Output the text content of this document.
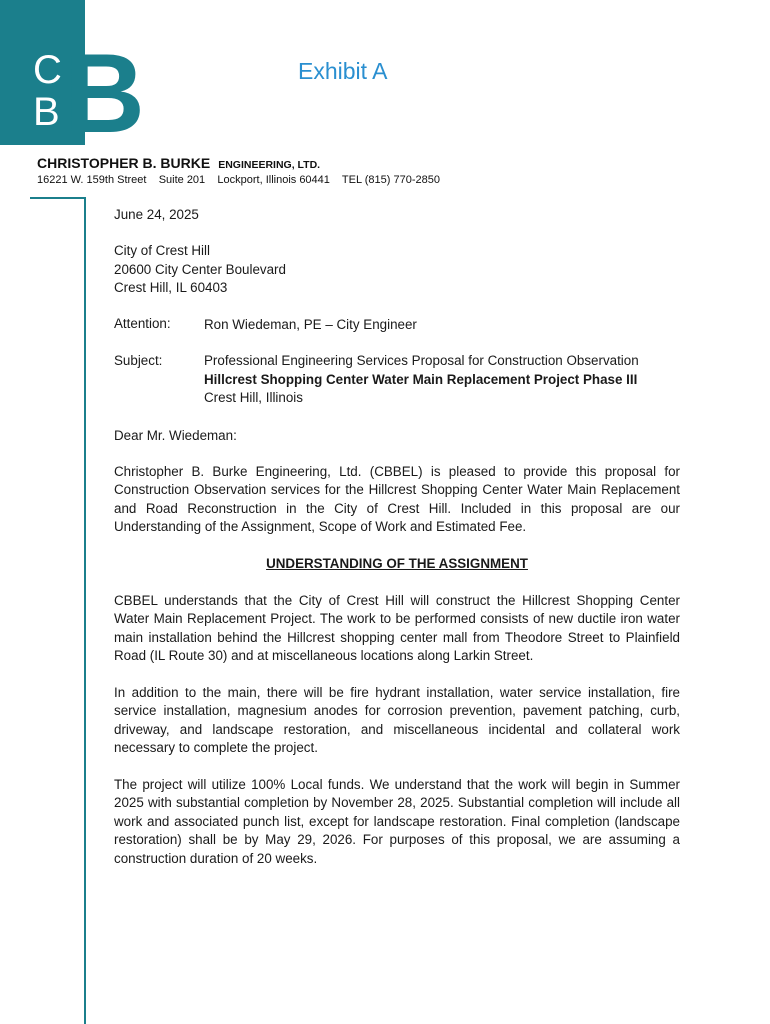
C
B B	Exhibit A
CHRISTOPHER B. BURKE ENGINEERING, LTD.
16221 W. 159th Street    Suite 201    Lockport, Illinois 60441    TEL (815) 770-2850
June 24, 2025
City of Crest Hill
20600 City Center Boulevard
Crest Hill, IL 60403
Attention: Ron Wiedeman, PE – City Engineer
Subject:	Professional Engineering Services Proposal for Construction Observation
Hillcrest Shopping Center Water Main Replacement Project Phase III
Crest Hill, Illinois
Dear Mr. Wiedeman:
Christopher B. Burke Engineering, Ltd. (CBBEL) is pleased to provide this proposal for Construction Observation services for the Hillcrest Shopping Center Water Main Replacement and Road Reconstruction in the City of Crest Hill. Included in this proposal are our Understanding of the Assignment, Scope of Work and Estimated Fee.
UNDERSTANDING OF THE ASSIGNMENT
CBBEL understands that the City of Crest Hill will construct the Hillcrest Shopping Center Water Main Replacement Project. The work to be performed consists of new ductile iron water main installation behind the Hillcrest shopping center mall from Theodore Street to Plainfield Road (IL Route 30) and at miscellaneous locations along Larkin Street.
In addition to the main, there will be fire hydrant installation, water service installation, fire service installation, magnesium anodes for corrosion prevention, pavement patching, curb, driveway, and landscape restoration, and miscellaneous incidental and collateral work necessary to complete the project.
The project will utilize 100% Local funds. We understand that the work will begin in Summer 2025 with substantial completion by November 28, 2025. Substantial completion will include all work and associated punch list, except for landscape restoration. Final completion (landscape restoration) shall be by May 29, 2026. For purposes of this proposal, we are assuming a construction duration of 20 weeks.
